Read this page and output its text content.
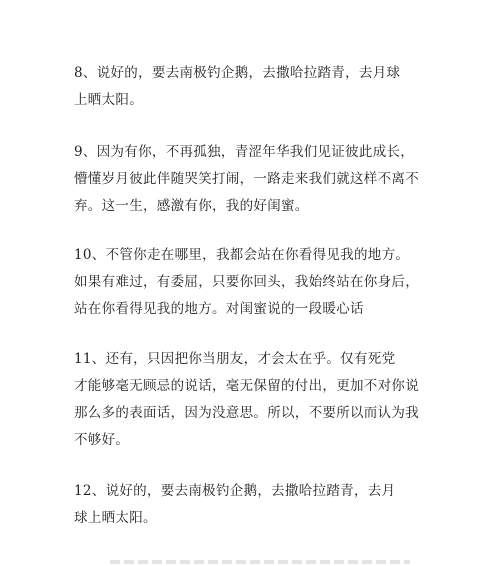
8、说好的，要去南极钓企鹅，去撒哈拉踏青，去月球
上晒太阳。

9、因为有你，不再孤独，青涩年华我们见证彼此成长，
懵懂岁月彼此伴随哭笑打闹，一路走来我们就这样不离不
弃。这一生，感激有你，我的好闺蜜。

10、不管你走在哪里，我都会站在你看得见我的地方。
如果有难过，有委屈，只要你回头，我始终站在你身后，
站在你看得见我的地方。对闺蜜说的一段暖心话

11、还有，只因把你当朋友，才会太在乎。仅有死党
才能够毫无顾忌的说话，毫无保留的付出，更加不对你说
那么多的表面话，因为没意思。所以，不要所以而认为我
不够好。

12、说好的，要去南极钓企鹅，去撒哈拉踏青，去月
球上晒太阳。
